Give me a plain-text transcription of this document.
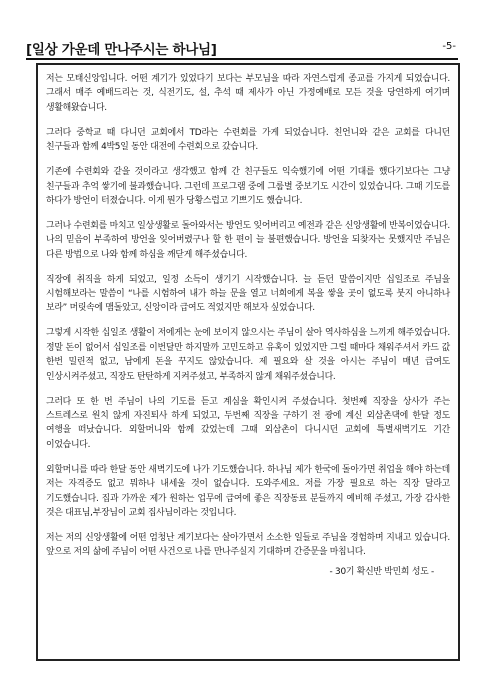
[일상 가운데 만나주시는 하나님]	-5-

저는 모태신앙입니다. 어떤 계기가 있었다기 보다는 부모님을 따라 자연스럽게 종교를 가지게 되었습니다. 그래서 매주 예배드리는 것, 식전기도, 설, 추석 때 제사가 아닌 가정예배로 모든 것을 당연하게 여기며 생활해왔습니다.

그러다 중학교 때 다니던 교회에서 TD라는 수련회를 가게 되었습니다. 친언니와 같은 교회를 다니던 친구들과 함께 4박5일 동안 대전에 수련회으로 갔습니다.

기존에 수련회와 같을 것이라고 생각했고 함께 간 친구들도 익숙했기에 어떤 기대를 했다기보다는 그냥 친구들과 추억 쌓기에 불과했습니다. 그런데 프로그램 중에 그룹별 중보기도 시간이 있었습니다. 그때 기도를 하다가 방언이 터졌습니다. 이게 뭔가 당황스럽고 기쁘기도 했습니다.

그러나 수련회를 마치고 일상생활로 돌아와서는 방언도 잊어버리고 예전과 같은 신앙생활에 반복이었습니다. 나의 믿음이 부족하여 방언을 잊어버렸구나 할 한 편이 늘 불편했습니다. 방언을 되찾자는 못했지만 주님은 다른 방법으로 나와 함께 하심을 깨닫게 해주셨습니다.

직장에 취직을 하게 되었고, 일정 소득이 생기기 시작했습니다. 늘 듣던 말씀이지만 십일조로 주님을 시험해보라는 말씀이 “나를 시험하여 내가 하늘 문을 열고 너희에게 복을 쌓을 곳이 없도록 붓지 아니하나 보라” 머릿속에 맴돌았고, 신앙이라 급여도 적었지만 해보자 싶었습니다.

그렇게 시작한 십일조 생활이 저에게는 눈에 보이지 않으시는 주님이 살아 역사하심을 느끼게 해주었습니다. 정말 돈이 없어서 십일조를 이번달만 하지말까 고민도하고 유혹이 있었지만 그럴 때마다 채워주셔서 카드 값 한번 밀린적 없고, 남에게 돈을 꾸지도 않았습니다. 제 필요와 살 것을 아시는 주님이 매년 급여도 인상시켜주셨고, 직장도 탄탄하게 지켜주셨고, 부족하지 않게 채워주셨습니다.

그러다 또 한 번 주님이 나의 기도를 듣고 계심을 확인시켜 주셨습니다. 첫번째 직장을 상사가 주는 스트레스로 원치 않게 자진퇴사 하게 되었고, 두번째 직장을 구하기 전 광에 계신 외삼촌댁에 한달 정도 여행을 떠났습니다. 외할머니와 함께 갔었는데 그때 외삼촌이 다니시던 교회에 특별새벽기도 기간 이었습니다.

외할머니를 따라 한달 동안 새벽기도에 나가 기도했습니다. 하나님 제가 한국에 돌아가면 취업을 해야 하는데 저는 자격증도 없고 뭐하나 내세울 것이 없습니다. 도와주세요. 저를 가장 필요로 하는 직장 달라고 기도했습니다. 집과 가까운 제가 원하는 업무에 급여에 좋은 직장동료 분들까지 예비해 주셨고, 가장 감사한 것은 대표님,부장님이 교회 집사님이라는 것입니다.

저는 저의 신앙생활에 어떤 엄청난 계기보다는 살아가면서 소소한 일들로 주님을 경험하며 지내고 있습니다. 앞으로 저의 삶에 주님이 어떤 사건으로 나를 만나주실지 기대하며 간증문을 마칩니다.

- 30기 확신반 박민희 성도 -
